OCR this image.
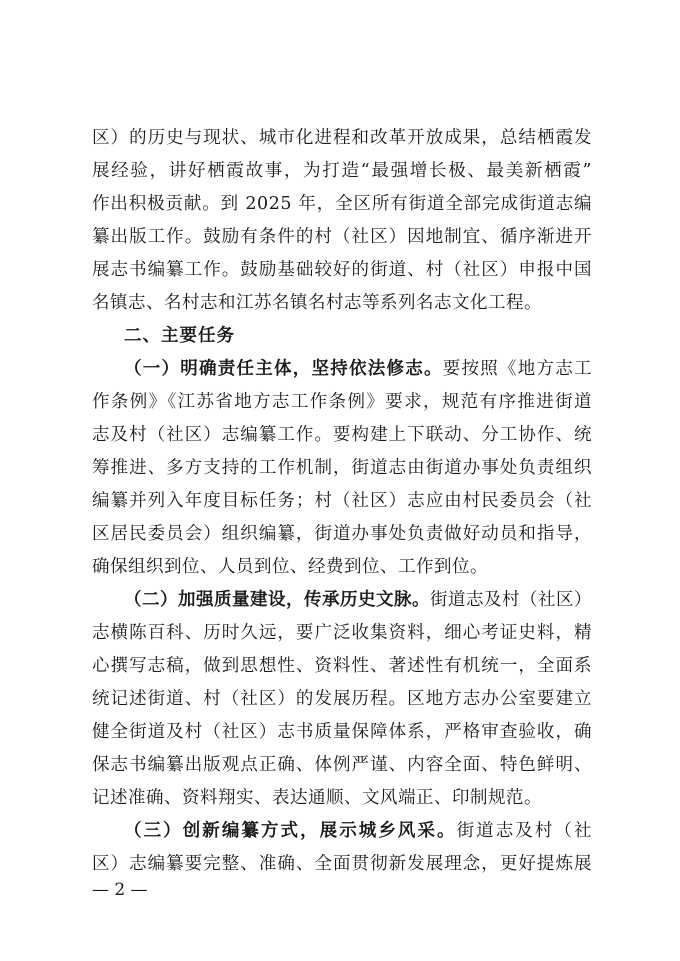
区）的历史与现状、城市化进程和改革开放成果，总结栖霞发
展经验，讲好栖霞故事，为打造“最强增长极、最美新栖霞”
作出积极贡献。到 2025 年，全区所有街道全部完成街道志编
纂出版工作。鼓励有条件的村（社区）因地制宜、循序渐进开
展志书编纂工作。鼓励基础较好的街道、村（社区）申报中国
名镇志、名村志和江苏名镇名村志等系列名志文化工程。
二、主要任务
（一）明确责任主体，坚持依法修志。要按照《地方志工
作条例》《江苏省地方志工作条例》要求，规范有序推进街道
志及村（社区）志编纂工作。要构建上下联动、分工协作、统
筹推进、多方支持的工作机制，街道志由街道办事处负责组织
编纂并列入年度目标任务；村（社区）志应由村民委员会（社
区居民委员会）组织编纂，街道办事处负责做好动员和指导，
确保组织到位、人员到位、经费到位、工作到位。
（二）加强质量建设，传承历史文脉。街道志及村（社区）
志横陈百科、历时久远，要广泛收集资料，细心考证史料，精
心撰写志稿，做到思想性、资料性、著述性有机统一，全面系
统记述街道、村（社区）的发展历程。区地方志办公室要建立
健全街道及村（社区）志书质量保障体系，严格审查验收，确
保志书编纂出版观点正确、体例严谨、内容全面、特色鲜明、
记述准确、资料翔实、表达通顺、文风端正、印制规范。
（三）创新编纂方式，展示城乡风采。街道志及村（社
区）志编纂要完整、准确、全面贯彻新发展理念，更好提炼展
— 2 —
